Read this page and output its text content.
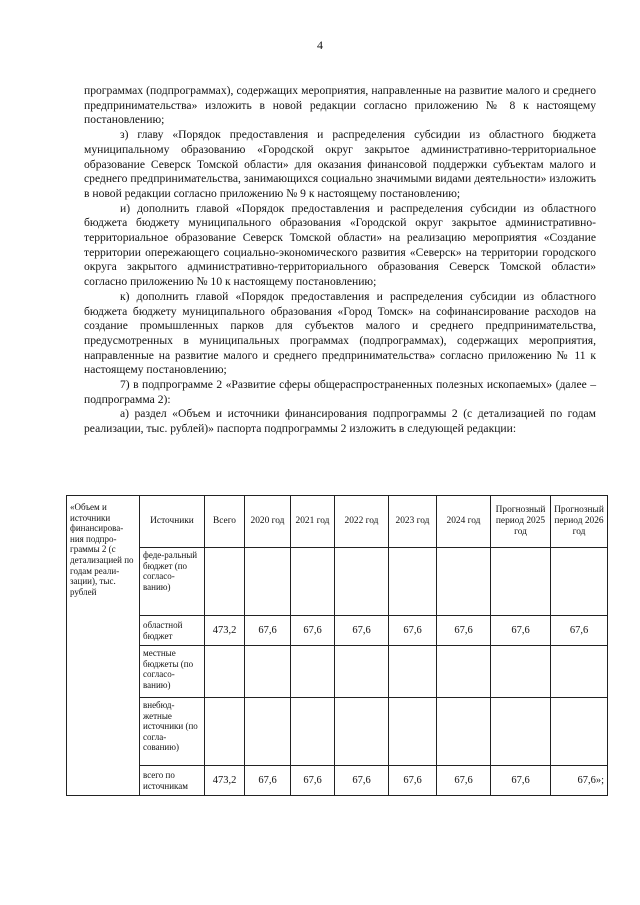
4

программах (подпрограммах), содержащих мероприятия, направленные на развитие малого и среднего предпринимательства» изложить в новой редакции согласно приложению № 8 к настоящему постановлению;

з) главу «Порядок предоставления и распределения субсидии из областного бюджета муниципальному образованию «Городской округ закрытое административно-территориальное образование Северск Томской области» для оказания финансовой поддержки субъектам малого и среднего предпринимательства, занимающихся социально значимыми видами деятельности» изложить в новой редакции согласно приложению № 9 к настоящему постановлению;

и) дополнить главой «Порядок предоставления и распределения субсидии из областного бюджета бюджету муниципального образования «Городской округ закрытое административно-территориальное образование Северск Томской области» на реализацию мероприятия «Создание территории опережающего социально-экономического развития «Северск» на территории городского округа закрытого административно-территориального образования Северск Томской области» согласно приложению № 10 к настоящему постановлению;

к) дополнить главой «Порядок предоставления и распределения субсидии из областного бюджета бюджету муниципального образования «Город Томск» на софинансирование расходов на создание промышленных парков для субъектов малого и среднего предпринимательства, предусмотренных в муниципальных программах (подпрограммах), содержащих мероприятия, направленные на развитие малого и среднего предпринимательства» согласно приложению № 11 к настоящему постановлению;

7) в подпрограмме 2 «Развитие сферы общераспространенных полезных ископаемых» (далее – подпрограмма 2):

а) раздел «Объем и источники финансирования подпрограммы 2 (с детализацией по годам реализации, тыс. рублей)» паспорта подпрограммы 2 изложить в следующей редакции:

«Объем и источники финансирова-ния подпро-граммы 2 (с детализацией по годам реали-зации), тыс. рублей	Источники	Всего	2020 год	2021 год	2022 год	2023 год	2024 год	Прогнозный период 2025 год	Прогнозный период 2026 год
	феде-ральный бюджет (по согласо-ванию)								
	областной бюджет	473,2	67,6	67,6	67,6	67,6	67,6	67,6	67,6
	местные бюджеты (по согласо-ванию)								
	внебюд-жетные источники (по согла-сованию)								
	всего по источникам	473,2	67,6	67,6	67,6	67,6	67,6	67,6	67,6»;
